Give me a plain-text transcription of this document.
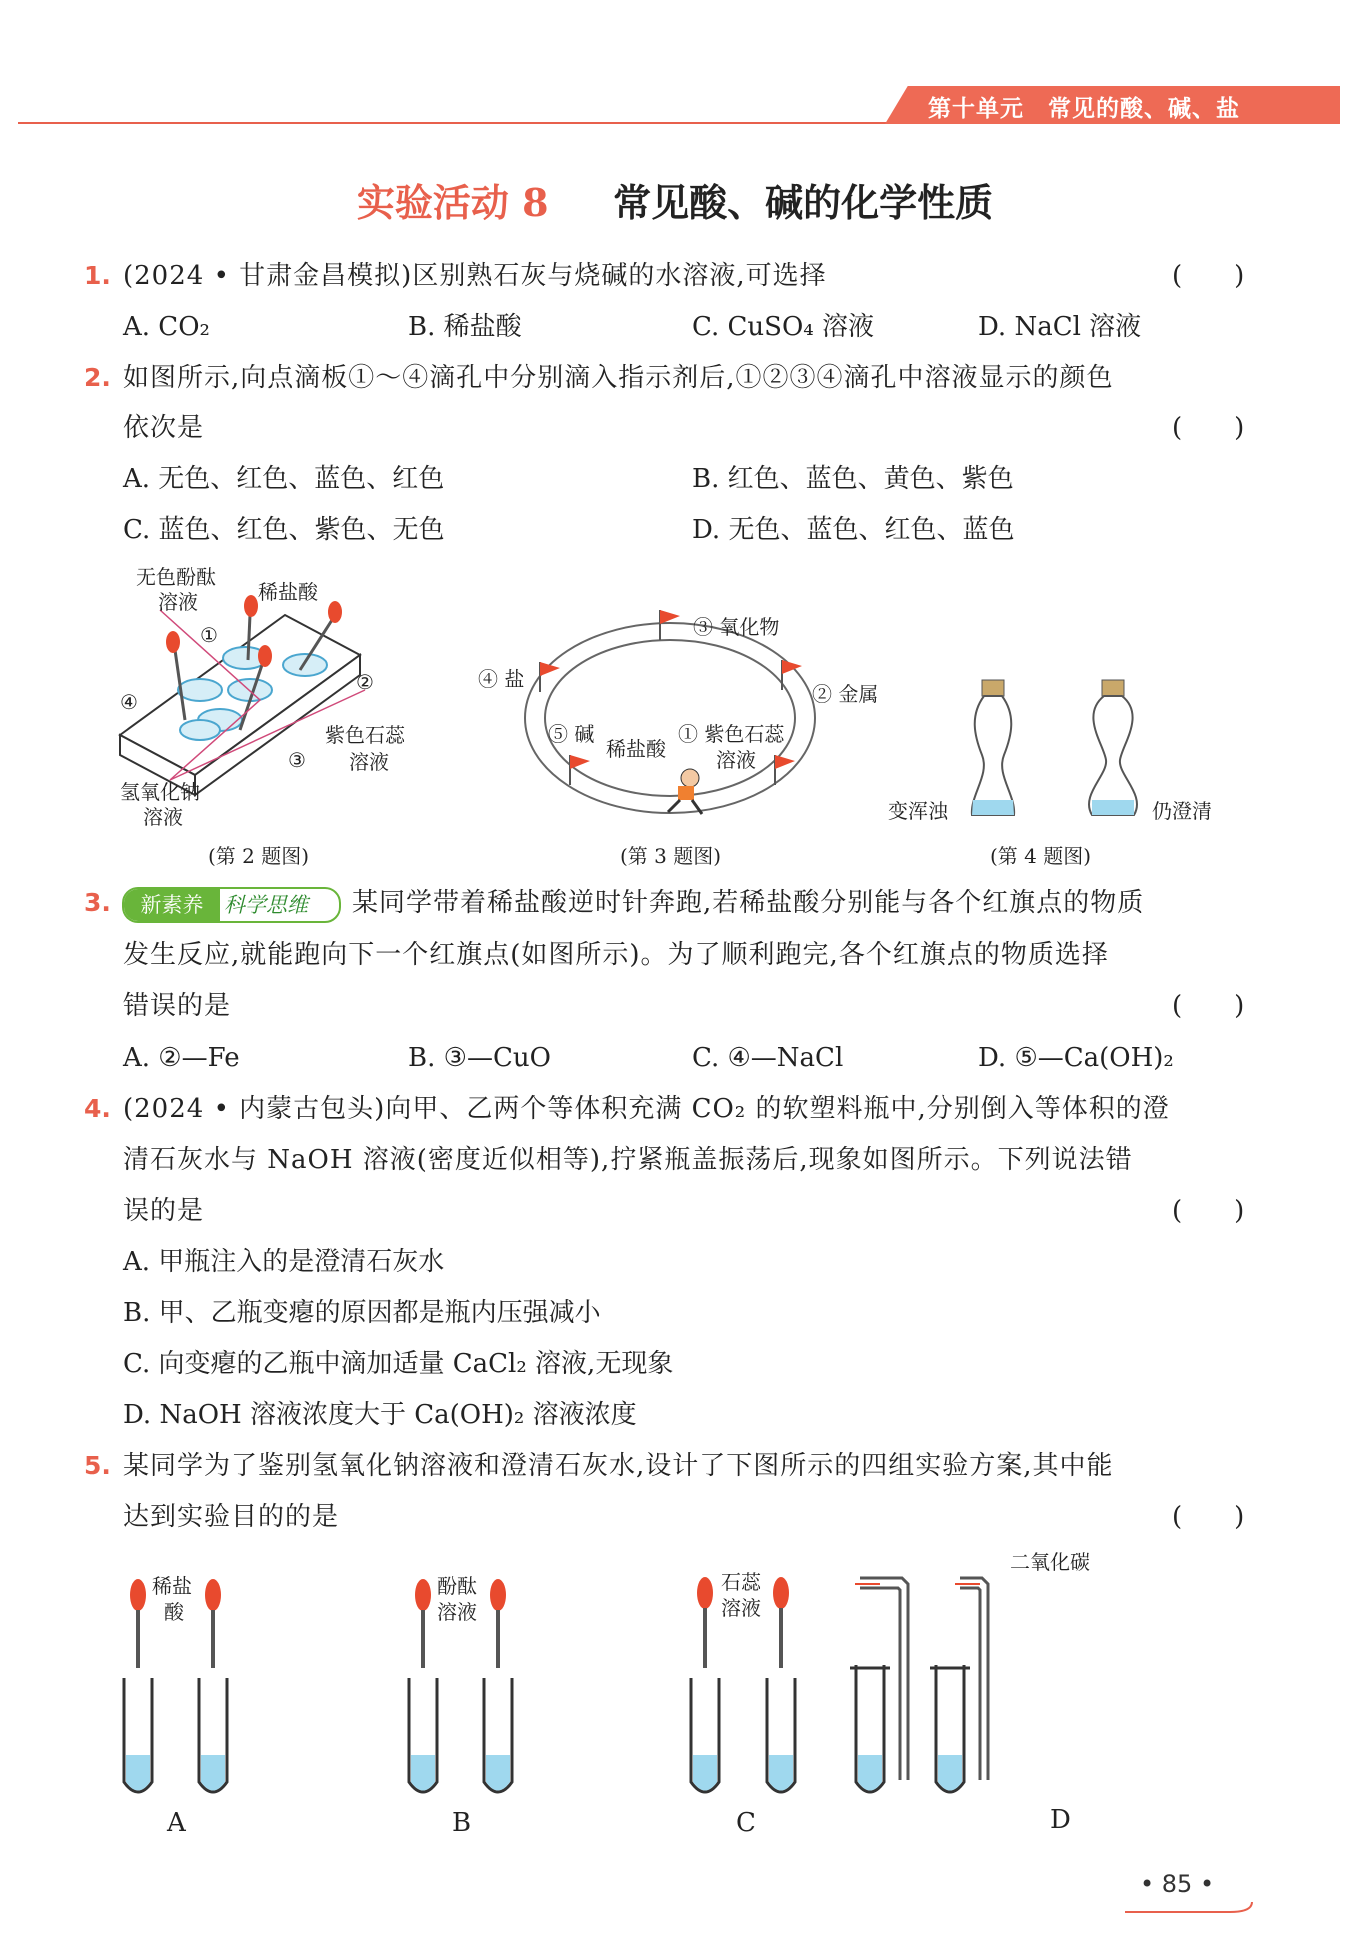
第十单元　常见的酸、碱、盐
实验活动 8 　 常见酸、碱的化学性质
1. (2024 • 甘肃金昌模拟)区别熟石灰与烧碱的水溶液,可选择	(　　)
A. CO₂	B. 稀盐酸	C. CuSO₄ 溶液	D. NaCl 溶液
2. 如图所示,向点滴板①～④滴孔中分别滴入指示剂后,①②③④滴孔中溶液显示的颜色
依次是	(　　)
A. 无色、红色、蓝色、红色	B. 红色、蓝色、黄色、紫色
C. 蓝色、红色、紫色、无色	D. 无色、蓝色、红色、蓝色
无色酚酞
溶液	稀盐酸
①
②
③
④
紫色石蕊
溶液
氢氧化钠
溶液
(第 2 题图)
③ 氧化物
④ 盐
② 金属
⑤ 碱
稀盐酸
① 紫色石蕊
溶液
(第 3 题图)
变浑浊	仍澄清
(第 4 题图)
3.	新素养 科学思维 某同学带着稀盐酸逆时针奔跑,若稀盐酸分别能与各个红旗点的物质
发生反应,就能跑向下一个红旗点(如图所示)。为了顺利跑完,各个红旗点的物质选择
错误的是	(　　)
A. ②—Fe	B. ③—CuO	C. ④—NaCl	D. ⑤—Ca(OH)₂
4. (2024 • 内蒙古包头)向甲、乙两个等体积充满 CO₂ 的软塑料瓶中,分别倒入等体积的澄
清石灰水与 NaOH 溶液(密度近似相等),拧紧瓶盖振荡后,现象如图所示。下列说法错
误的是	(　　)
A. 甲瓶注入的是澄清石灰水
B. 甲、乙瓶变瘪的原因都是瓶内压强减小
C. 向变瘪的乙瓶中滴加适量 CaCl₂ 溶液,无现象
D. NaOH 溶液浓度大于 Ca(OH)₂ 溶液浓度
5. 某同学为了鉴别氢氧化钠溶液和澄清石灰水,设计了下图所示的四组实验方案,其中能
达到实验目的的是	(　　)
稀盐
酸
酚酞
溶液
石蕊
溶液
二氧化碳
A	B	C	D
• 85 •
